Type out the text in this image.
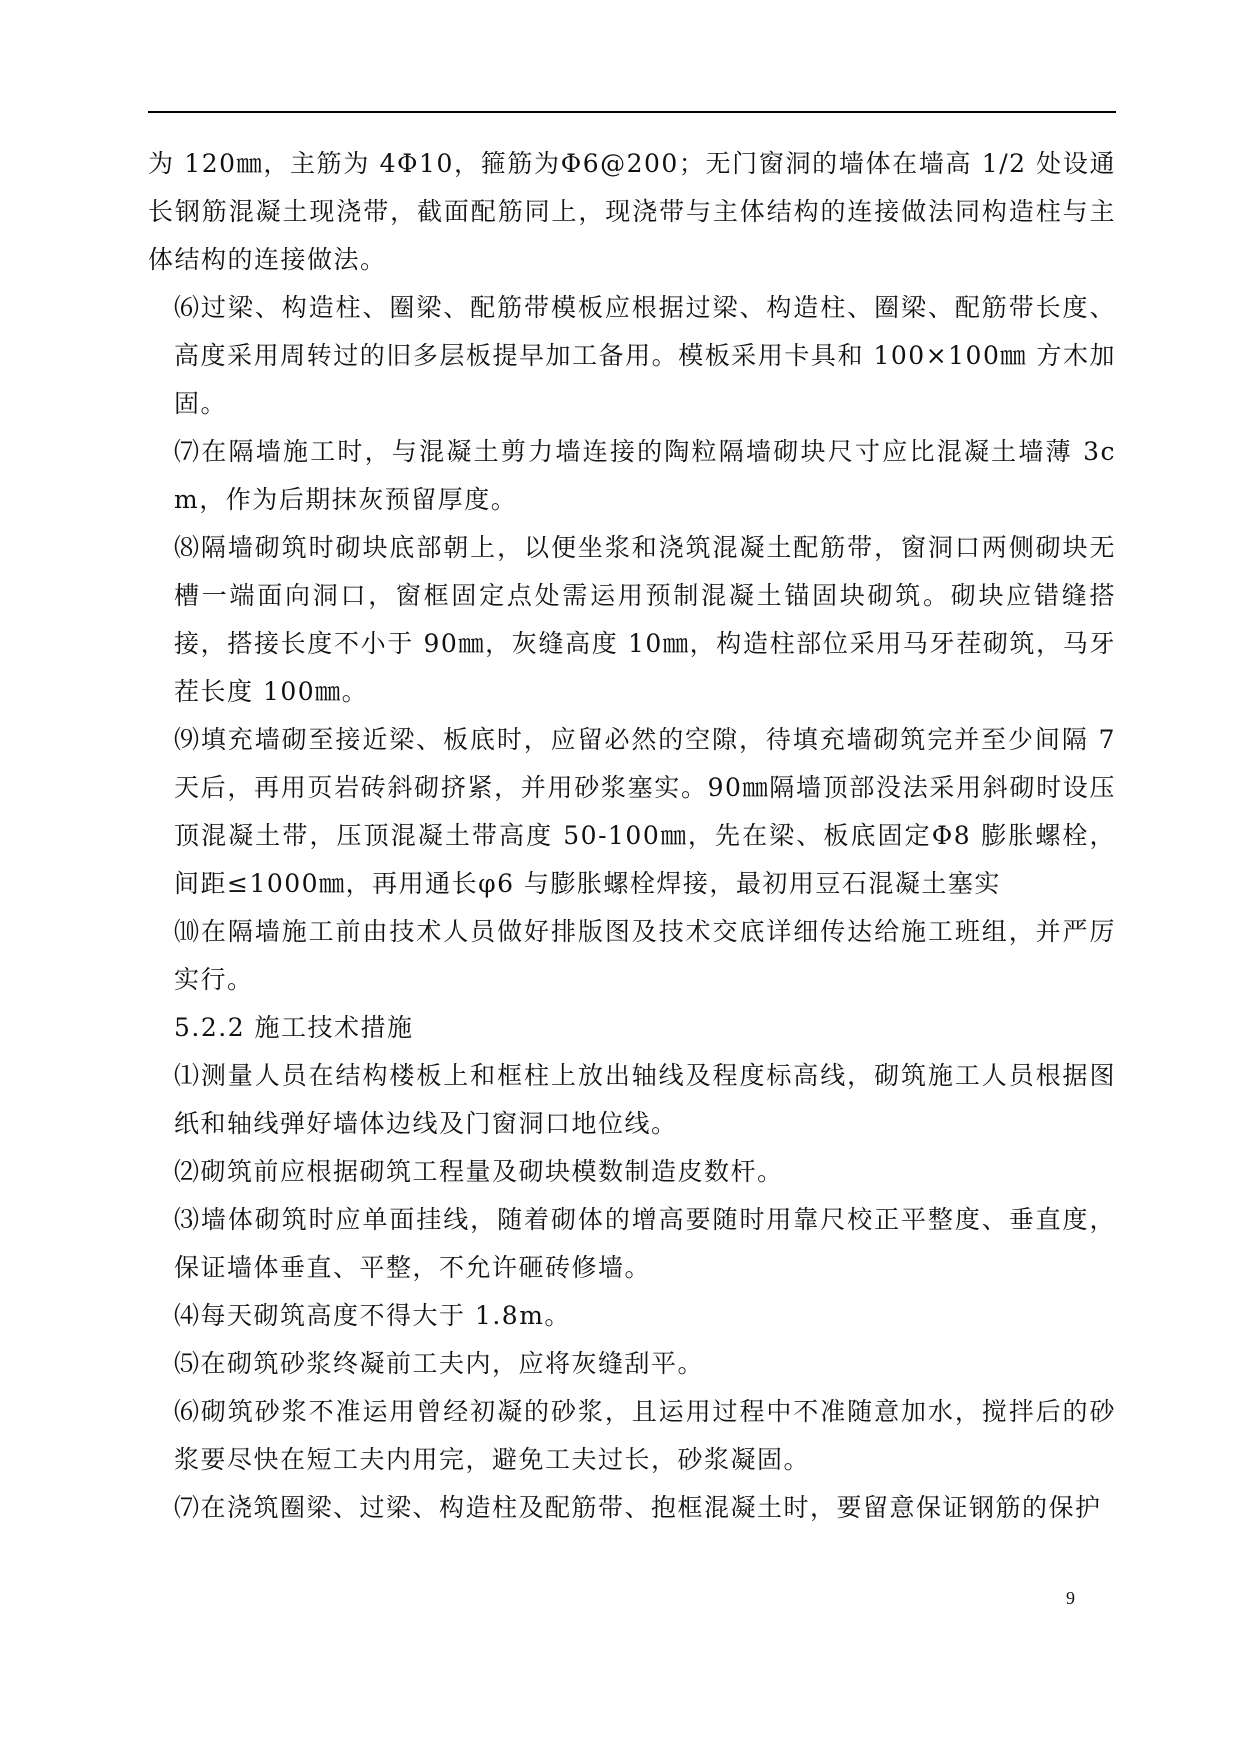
为 120㎜，主筋为 4Φ10，箍筋为Φ6@200；无门窗洞的墙体在墙高 1/2 处设通长钢筋混凝土现浇带，截面配筋同上，现浇带与主体结构的连接做法同构造柱与主体结构的连接做法。

⑹过梁、构造柱、圈梁、配筋带模板应根据过梁、构造柱、圈梁、配筋带长度、高度采用周转过的旧多层板提早加工备用。模板采用卡具和 100×100㎜ 方木加固。

⑺在隔墙施工时，与混凝土剪力墙连接的陶粒隔墙砌块尺寸应比混凝土墙薄 3cm，作为后期抹灰预留厚度。

⑻隔墙砌筑时砌块底部朝上，以便坐浆和浇筑混凝土配筋带，窗洞口两侧砌块无槽一端面向洞口，窗框固定点处需运用预制混凝土锚固块砌筑。砌块应错缝搭接，搭接长度不小于 90㎜，灰缝高度 10㎜，构造柱部位采用马牙茬砌筑，马牙茬长度 100㎜。

⑼填充墙砌至接近梁、板底时，应留必然的空隙，待填充墙砌筑完并至少间隔 7 天后，再用页岩砖斜砌挤紧，并用砂浆塞实。90㎜隔墙顶部没法采用斜砌时设压顶混凝土带，压顶混凝土带高度 50-100㎜，先在梁、板底固定Φ8 膨胀螺栓，间距≤1000㎜，再用通长φ6 与膨胀螺栓焊接，最初用豆石混凝土塞实

⑽在隔墙施工前由技术人员做好排版图及技术交底详细传达给施工班组，并严厉实行。

5.2.2 施工技术措施

⑴测量人员在结构楼板上和框柱上放出轴线及程度标高线，砌筑施工人员根据图纸和轴线弹好墙体边线及门窗洞口地位线。

⑵砌筑前应根据砌筑工程量及砌块模数制造皮数杆。

⑶墙体砌筑时应单面挂线，随着砌体的增高要随时用靠尺校正平整度、垂直度，保证墙体垂直、平整，不允许砸砖修墙。

⑷每天砌筑高度不得大于 1.8m。

⑸在砌筑砂浆终凝前工夫内，应将灰缝刮平。

⑹砌筑砂浆不准运用曾经初凝的砂浆，且运用过程中不准随意加水，搅拌后的砂浆要尽快在短工夫内用完，避免工夫过长，砂浆凝固。

⑺在浇筑圈梁、过梁、构造柱及配筋带、抱框混凝土时，要留意保证钢筋的保护

9
